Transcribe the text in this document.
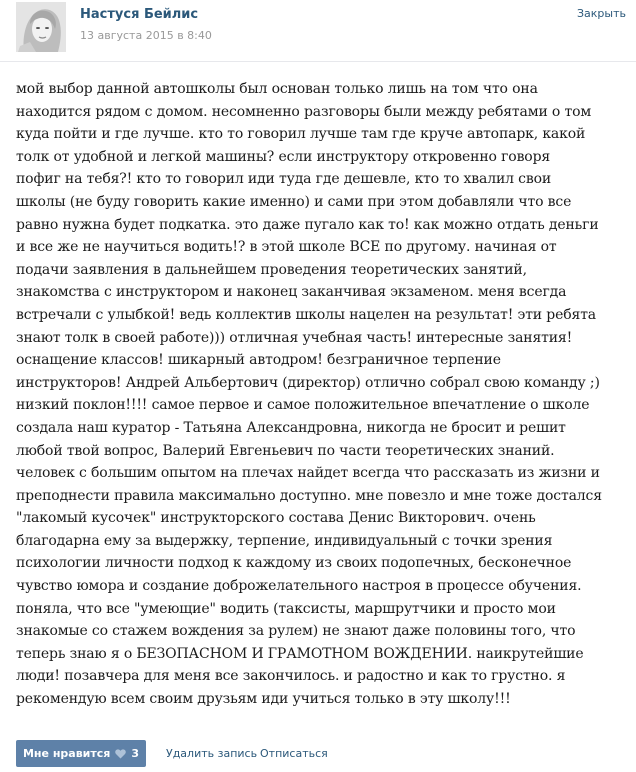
Настуся Бейлис
13 августа 2015 в 8:40
Закрыть

мой выбор данной автошколы был основан только лишь на том что она
находится рядом с домом. несомненно разговоры были между ребятами о том
куда пойти и где лучше. кто то говорил лучше там где круче автопарк, какой
толк от удобной и легкой машины? если инструктору откровенно говоря
пофиг на тебя?! кто то говорил иди туда где дешевле, кто то хвалил свои
школы (не буду говорить какие именно) и сами при этом добавляли что все
равно нужна будет подкатка. это даже пугало как то! как можно отдать деньги
и все же не научиться водить!? в этой школе ВСЕ по другому. начиная от
подачи заявления в дальнейшем проведения теоретических занятий,
знакомства с инструктором и наконец заканчивая экзаменом. меня всегда
встречали с улыбкой! ведь коллектив школы нацелен на результат! эти ребята
знают толк в своей работе))) отличная учебная часть! интересные занятия!
оснащение классов! шикарный автодром! безграничное терпение
инструкторов! Андрей Альбертович (директор) отлично собрал свою команду ;)
низкий поклон!!!! самое первое и самое положительное впечатление о школе
создала наш куратор - Татьяна Александровна, никогда не бросит и решит
любой твой вопрос, Валерий Евгеньевич по части теоретических знаний.
человек с большим опытом на плечах найдет всегда что рассказать из жизни и
преподнести правила максимально доступно. мне повезло и мне тоже достался
"лакомый кусочек" инструкторского состава Денис Викторович. очень
благодарна ему за выдержку, терпение, индивидуальный с точки зрения
психологии личности подход к каждому из своих подопечных, бесконечное
чувство юмора и создание доброжелательного настроя в процессе обучения.
поняла, что все "умеющие" водить (таксисты, маршрутчики и просто мои
знакомые со стажем вождения за рулем) не знают даже половины того, что
теперь знаю я о БЕЗОПАСНОМ И ГРАМОТНОМ ВОЖДЕНИИ. наикрутейшие
люди! позавчера для меня все закончилось. и радостно и как то грустно. я
рекомендую всем своим друзьям иди учиться только в эту школу!!!

Мне нравится 3 Удалить запись Отписаться
